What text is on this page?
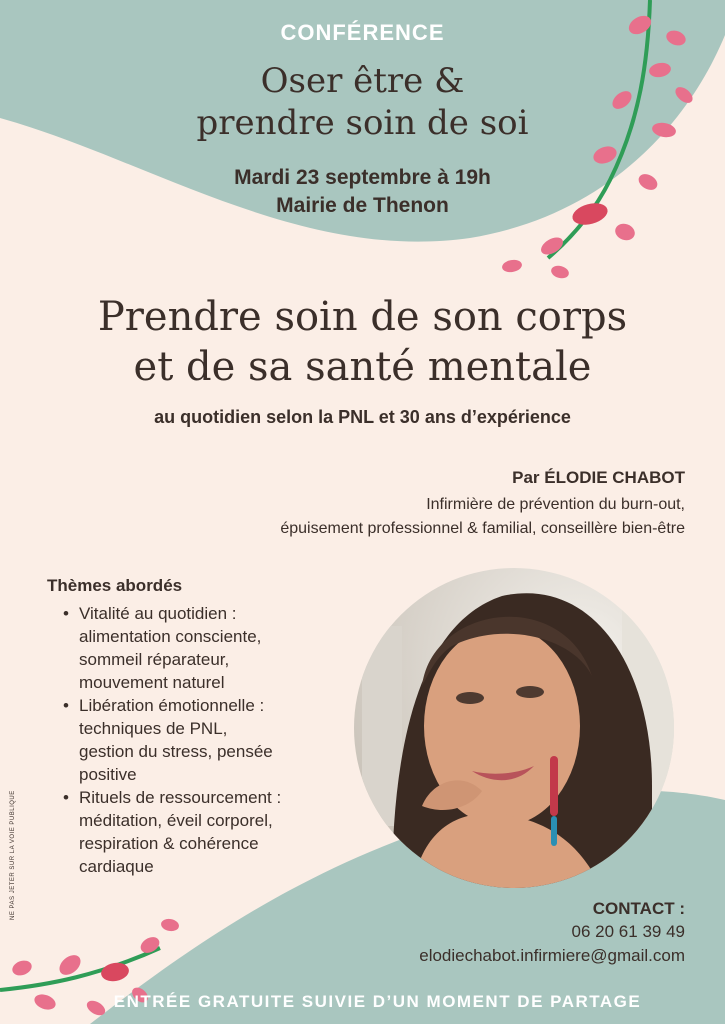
CONFÉRENCE
Oser être &
prendre soin de soi
Mardi 23 septembre à 19h
Mairie de Thenon
Prendre soin de son corps
et de sa santé mentale
au quotidien selon la PNL et 30 ans d’expérience
Par ÉLODIE CHABOT
Infirmière de prévention du burn-out,
épuisement professionnel & familial, conseillère bien-être
Thèmes abordés
• Vitalité au quotidien :
alimentation consciente,
sommeil réparateur,
mouvement naturel
• Libération émotionnelle :
techniques de PNL,
gestion du stress, pensée
positive
• Rituels de ressourcement :
méditation, éveil corporel,
respiration & cohérence
cardiaque
CONTACT :
06 20 61 39 49
elodiechabot.infirmiere@gmail.com
ENTRÉE GRATUITE SUIVIE D’UN MOMENT DE PARTAGE
NE PAS JETER SUR LA VOIE PUBLIQUE
